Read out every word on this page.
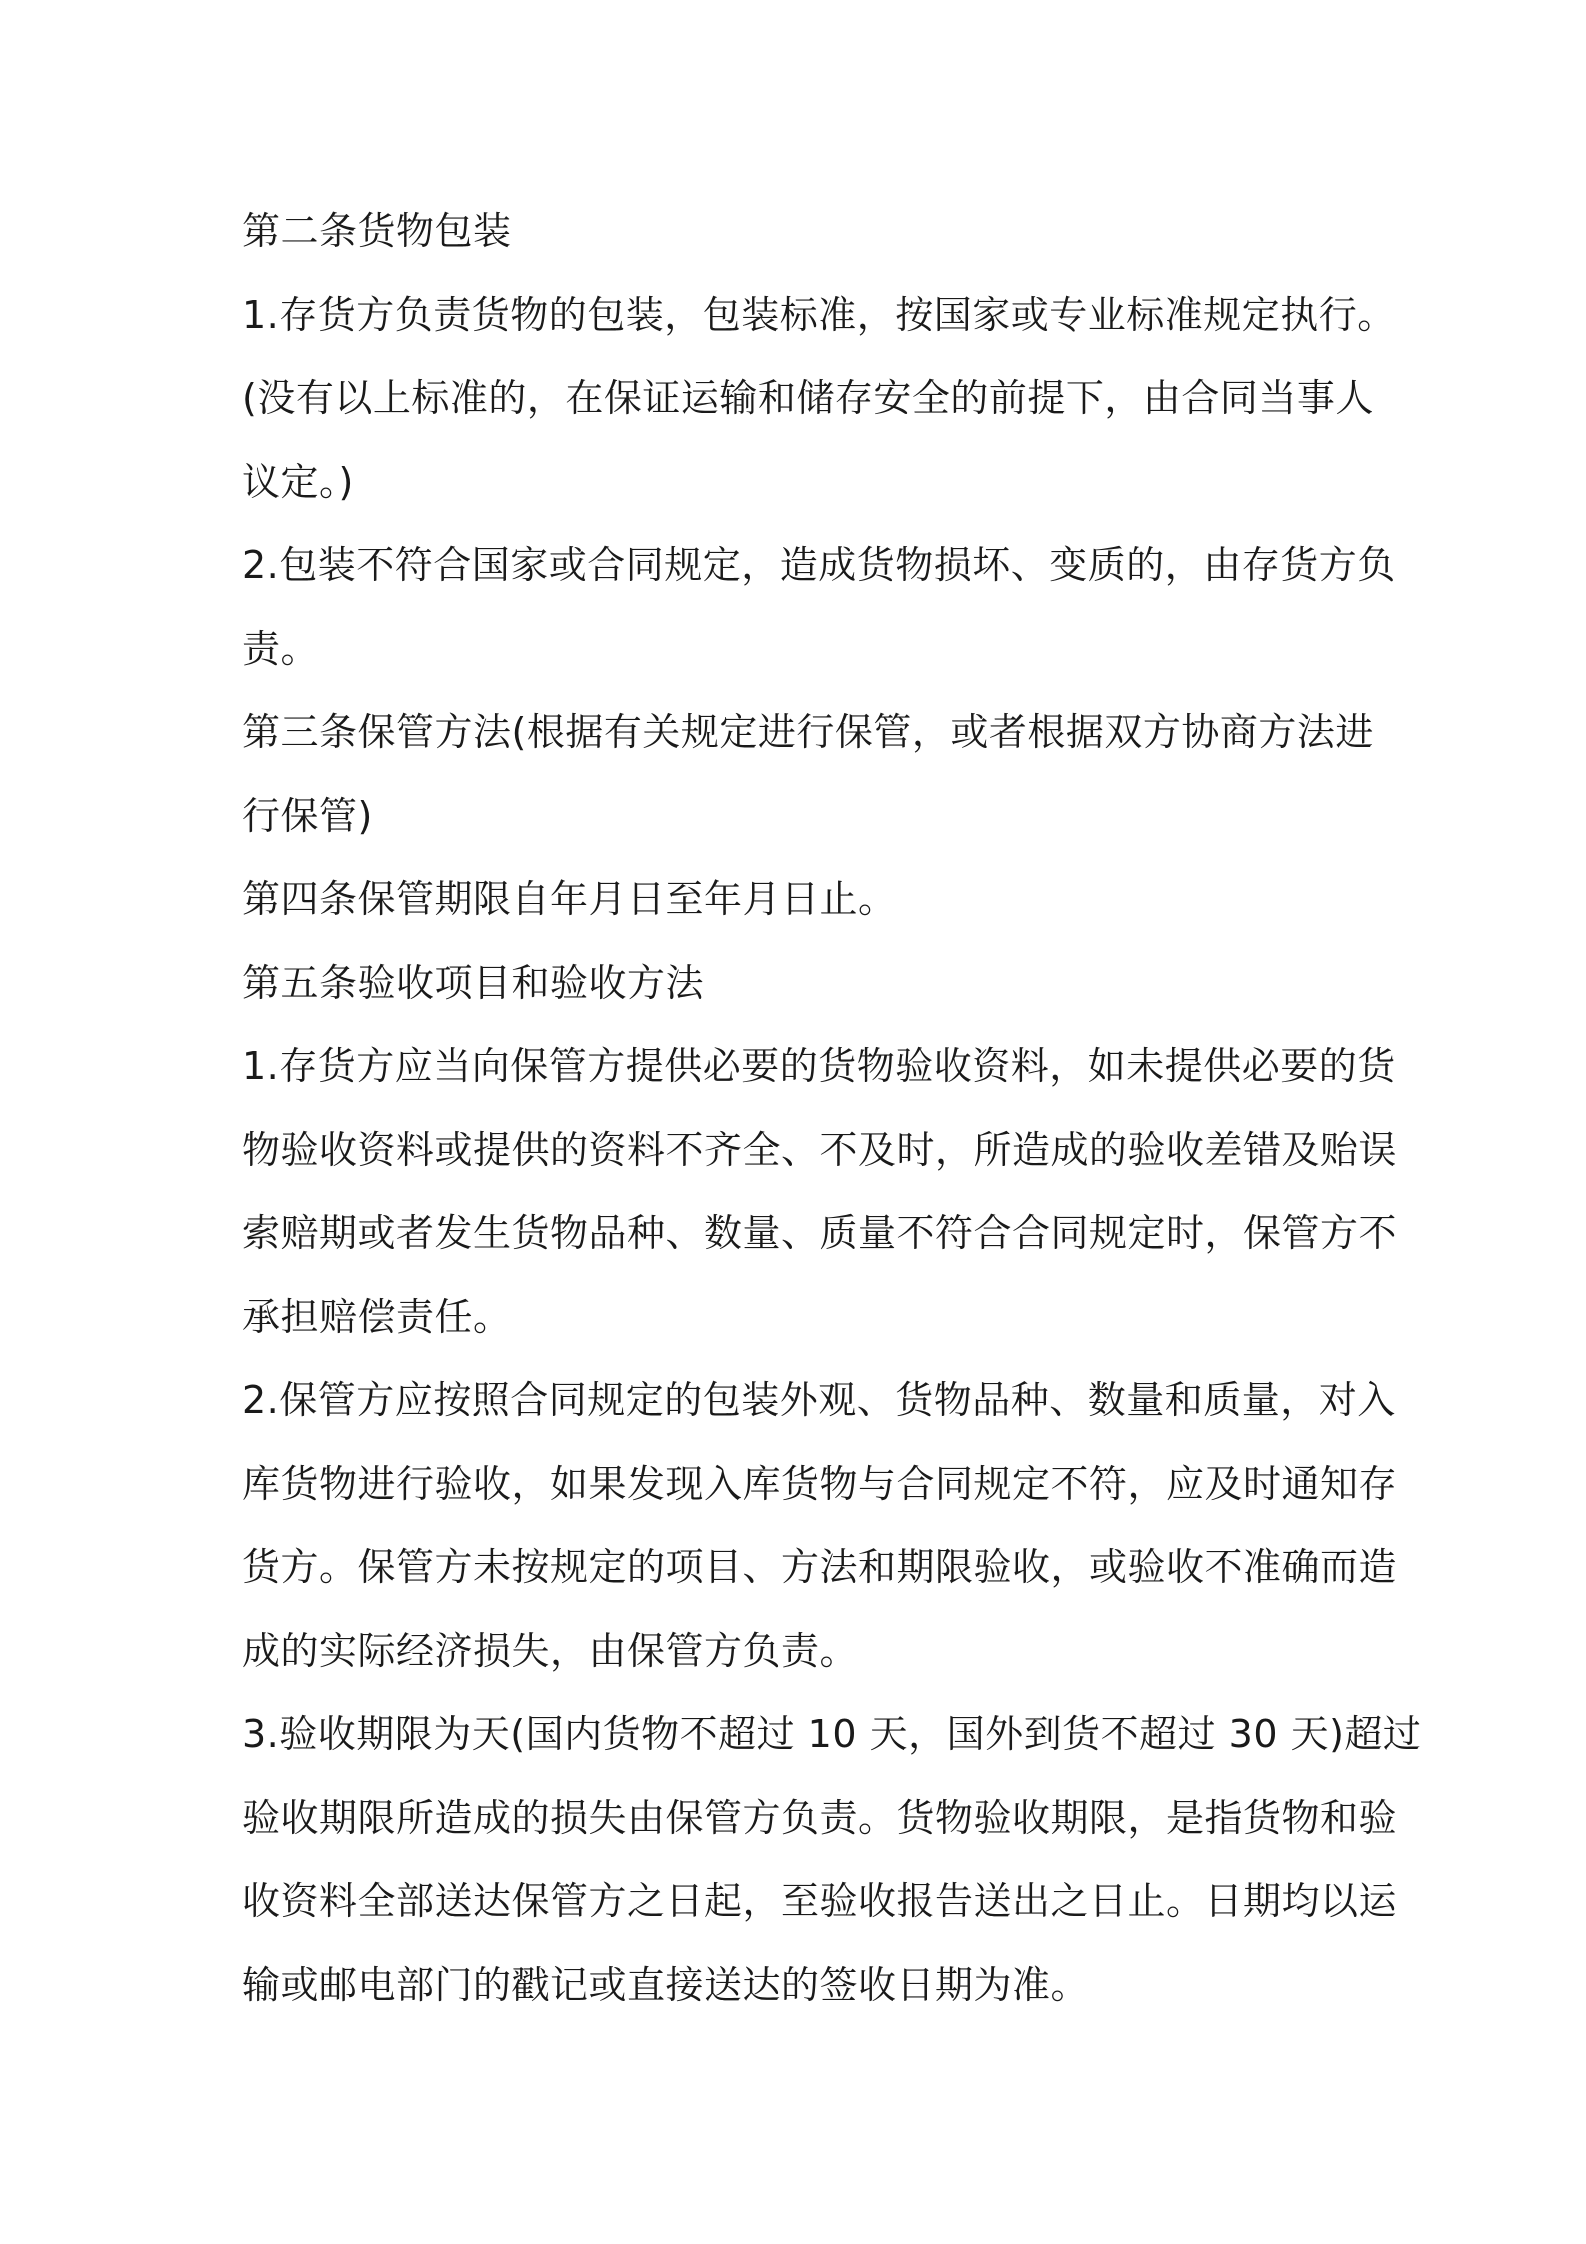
第二条货物包装
1.存货方负责货物的包装，包装标准，按国家或专业标准规定执行。
(没有以上标准的，在保证运输和储存安全的前提下，由合同当事人
议定。)
2.包装不符合国家或合同规定，造成货物损坏、变质的，由存货方负
责。
第三条保管方法(根据有关规定进行保管，或者根据双方协商方法进
行保管)
第四条保管期限自年月日至年月日止。
第五条验收项目和验收方法
1.存货方应当向保管方提供必要的货物验收资料，如未提供必要的货
物验收资料或提供的资料不齐全、不及时，所造成的验收差错及贻误
索赔期或者发生货物品种、数量、质量不符合合同规定时，保管方不
承担赔偿责任。
2.保管方应按照合同规定的包装外观、货物品种、数量和质量，对入
库货物进行验收，如果发现入库货物与合同规定不符，应及时通知存
货方。保管方未按规定的项目、方法和期限验收，或验收不准确而造
成的实际经济损失，由保管方负责。
3.验收期限为天(国内货物不超过 10 天，国外到货不超过 30 天)超过
验收期限所造成的损失由保管方负责。货物验收期限，是指货物和验
收资料全部送达保管方之日起，至验收报告送出之日止。日期均以运
输或邮电部门的戳记或直接送达的签收日期为准。
